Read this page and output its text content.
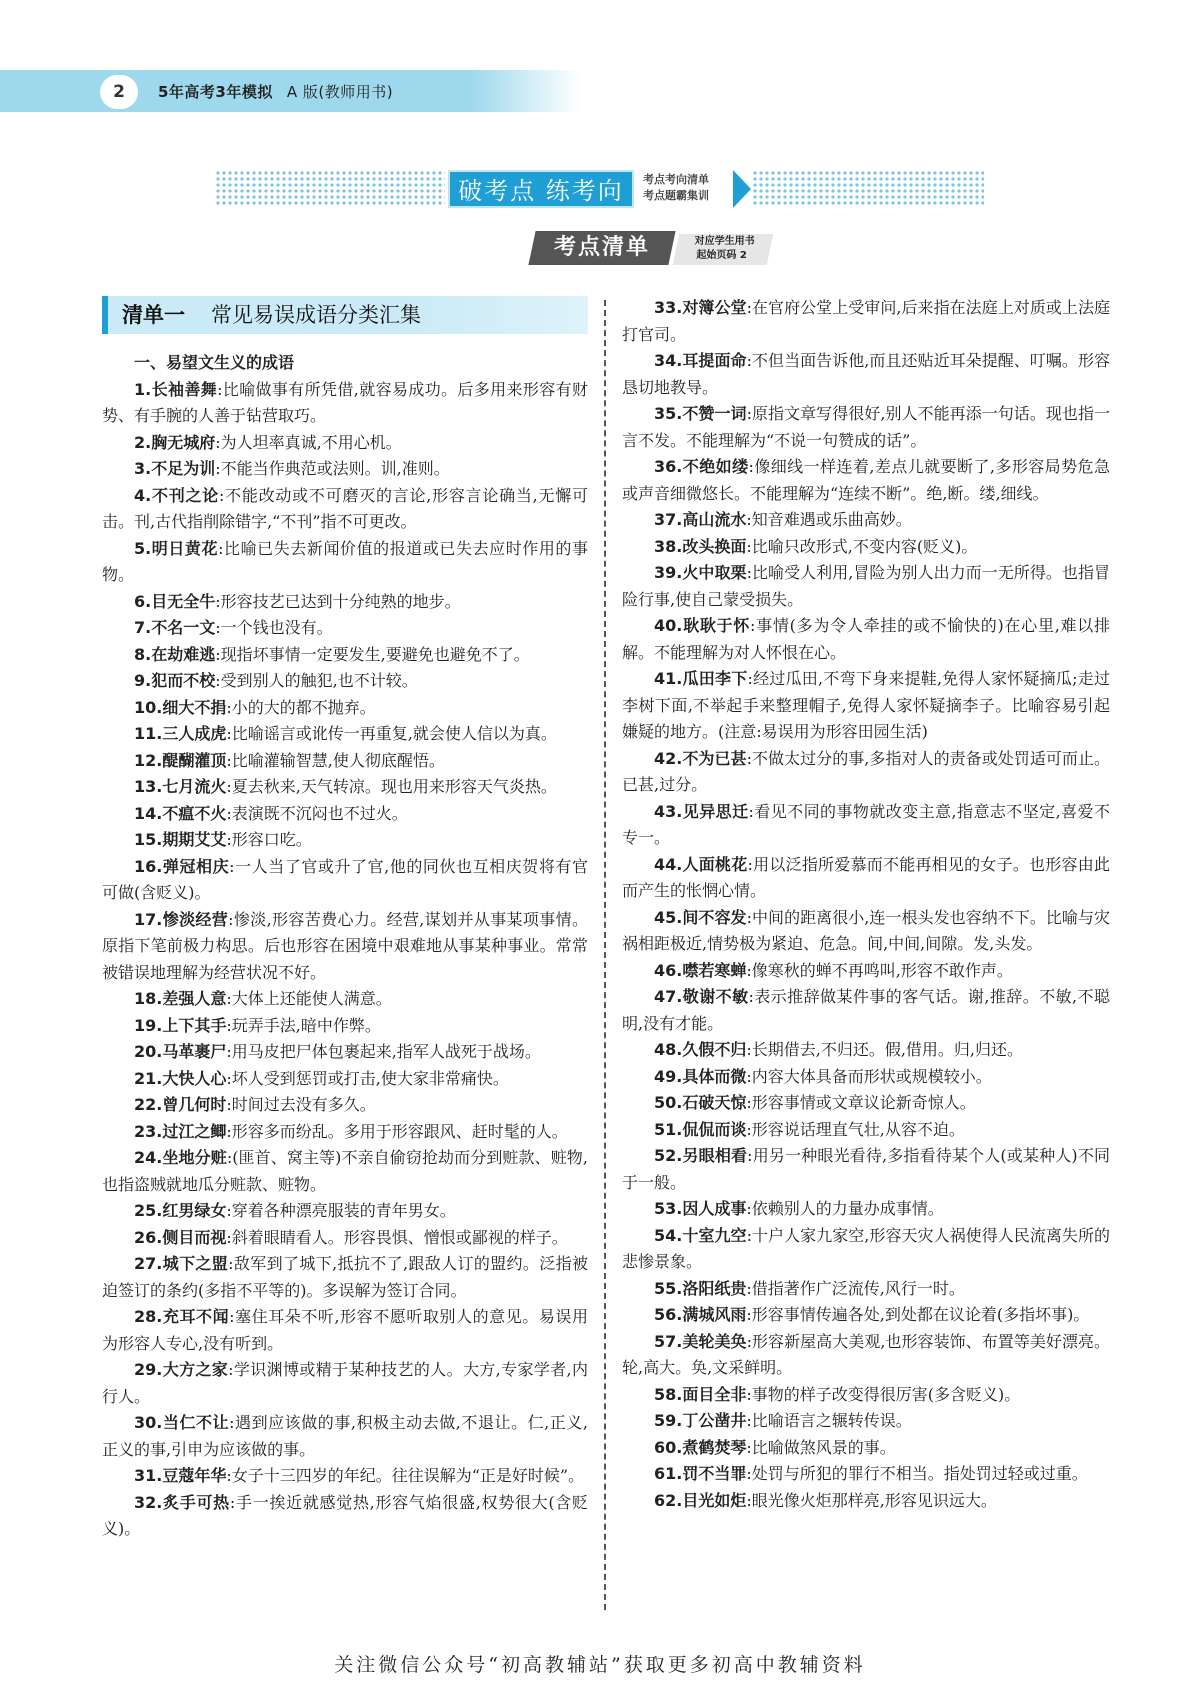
2	5年高考3年模拟 A 版(教师用书)
破考点 练考向	考点考向清单
考点题霸集训
考点清单	对应学生用书
起始页码 2
清单一 常见易误成语分类汇集
一、易望文生义的成语

1.长袖善舞:比喻做事有所凭借,就容易成功。后多用来形容有财势、有手腕的人善于钻营取巧。

2.胸无城府:为人坦率真诚,不用心机。

3.不足为训:不能当作典范或法则。训,准则。

4.不刊之论:不能改动或不可磨灭的言论,形容言论确当,无懈可击。刊,古代指削除错字,“不刊”指不可更改。

5.明日黄花:比喻已失去新闻价值的报道或已失去应时作用的事物。

6.目无全牛:形容技艺已达到十分纯熟的地步。

7.不名一文:一个钱也没有。

8.在劫难逃:现指坏事情一定要发生,要避免也避免不了。

9.犯而不校:受到别人的触犯,也不计较。

10.细大不捐:小的大的都不抛弃。

11.三人成虎:比喻谣言或讹传一再重复,就会使人信以为真。

12.醍醐灌顶:比喻灌输智慧,使人彻底醒悟。

13.七月流火:夏去秋来,天气转凉。现也用来形容天气炎热。

14.不瘟不火:表演既不沉闷也不过火。

15.期期艾艾:形容口吃。

16.弹冠相庆:一人当了官或升了官,他的同伙也互相庆贺将有官可做(含贬义)。

17.惨淡经营:惨淡,形容苦费心力。经营,谋划并从事某项事情。原指下笔前极力构思。后也形容在困境中艰难地从事某种事业。常常被错误地理解为经营状况不好。

18.差强人意:大体上还能使人满意。

19.上下其手:玩弄手法,暗中作弊。

20.马革裹尸:用马皮把尸体包裹起来,指军人战死于战场。

21.大快人心:坏人受到惩罚或打击,使大家非常痛快。

22.曾几何时:时间过去没有多久。

23.过江之鲫:形容多而纷乱。多用于形容跟风、赶时髦的人。

24.坐地分赃:(匪首、窝主等)不亲自偷窃抢劫而分到赃款、赃物,也指盗贼就地瓜分赃款、赃物。

25.红男绿女:穿着各种漂亮服装的青年男女。

26.侧目而视:斜着眼睛看人。形容畏惧、憎恨或鄙视的样子。

27.城下之盟:敌军到了城下,抵抗不了,跟敌人订的盟约。泛指被迫签订的条约(多指不平等的)。多误解为签订合同。

28.充耳不闻:塞住耳朵不听,形容不愿听取别人的意见。易误用为形容人专心,没有听到。

29.大方之家:学识渊博或精于某种技艺的人。大方,专家学者,内行人。

30.当仁不让:遇到应该做的事,积极主动去做,不退让。仁,正义,正义的事,引申为应该做的事。

31.豆蔻年华:女子十三四岁的年纪。往往误解为“正是好时候”。

32.炙手可热:手一挨近就感觉热,形容气焰很盛,权势很大(含贬义)。

33.对簿公堂:在官府公堂上受审问,后来指在法庭上对质或上法庭打官司。

34.耳提面命:不但当面告诉他,而且还贴近耳朵提醒、叮嘱。形容恳切地教导。

35.不赞一词:原指文章写得很好,别人不能再添一句话。现也指一言不发。不能理解为“不说一句赞成的话”。

36.不绝如缕:像细线一样连着,差点儿就要断了,多形容局势危急或声音细微悠长。不能理解为“连续不断”。绝,断。缕,细线。

37.高山流水:知音难遇或乐曲高妙。

38.改头换面:比喻只改形式,不变内容(贬义)。

39.火中取栗:比喻受人利用,冒险为别人出力而一无所得。也指冒险行事,使自己蒙受损失。

40.耿耿于怀:事情(多为令人牵挂的或不愉快的)在心里,难以排解。不能理解为对人怀恨在心。

41.瓜田李下:经过瓜田,不弯下身来提鞋,免得人家怀疑摘瓜;走过李树下面,不举起手来整理帽子,免得人家怀疑摘李子。比喻容易引起嫌疑的地方。(注意:易误用为形容田园生活)

42.不为已甚:不做太过分的事,多指对人的责备或处罚适可而止。已甚,过分。

43.见异思迁:看见不同的事物就改变主意,指意志不坚定,喜爱不专一。

44.人面桃花:用以泛指所爱慕而不能再相见的女子。也形容由此而产生的怅惘心情。

45.间不容发:中间的距离很小,连一根头发也容纳不下。比喻与灾祸相距极近,情势极为紧迫、危急。间,中间,间隙。发,头发。

46.噤若寒蝉:像寒秋的蝉不再鸣叫,形容不敢作声。

47.敬谢不敏:表示推辞做某件事的客气话。谢,推辞。不敏,不聪明,没有才能。

48.久假不归:长期借去,不归还。假,借用。归,归还。

49.具体而微:内容大体具备而形状或规模较小。

50.石破天惊:形容事情或文章议论新奇惊人。

51.侃侃而谈:形容说话理直气壮,从容不迫。

52.另眼相看:用另一种眼光看待,多指看待某个人(或某种人)不同于一般。

53.因人成事:依赖别人的力量办成事情。

54.十室九空:十户人家九家空,形容天灾人祸使得人民流离失所的悲惨景象。

55.洛阳纸贵:借指著作广泛流传,风行一时。

56.满城风雨:形容事情传遍各处,到处都在议论着(多指坏事)。

57.美轮美奂:形容新屋高大美观,也形容装饰、布置等美好漂亮。轮,高大。奂,文采鲜明。

58.面目全非:事物的样子改变得很厉害(多含贬义)。

59.丁公凿井:比喻语言之辗转传误。

60.煮鹤焚琴:比喻做煞风景的事。

61.罚不当罪:处罚与所犯的罪行不相当。指处罚过轻或过重。

62.目光如炬:眼光像火炬那样亮,形容见识远大。

关注微信公众号“初高教辅站”获取更多初高中教辅资料
